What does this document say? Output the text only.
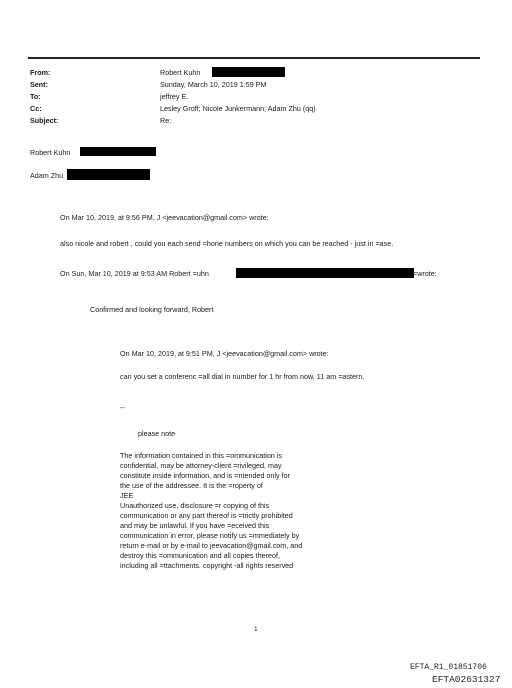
From:	Robert Kuhn
Sent:	Sunday, March 10, 2019 1:59 PM
To:	jeffrey E.
Cc:	Lesley Groff; Nicole Junkermann; Adam Zhu (qq)
Subject:	Re:
Robert Kuhn
Adam Zhu
On Mar 10, 2019, at 9:56 PM, J <jeevacation@gmail.com> wrote:
also nicole and robert , could you each send =hone numbers on which you can be reached - just in =ase.
On Sun, Mar 10, 2019 at 9:53 AM Robert =uhn	=wrote:
Confirmed and looking forward, Robert
On Mar 10, 2019, at 9:51 PM, J <jeevacation@gmail.com> wrote:
can you set a conferenc =all dial in number for 1 hr from now, 11 am =astern.
--
please note
The information contained in this =ommunication is
confidential, may be attorney-client =rivileged, may
constitute inside information, and is =ntended only for
the use of the addressee. It is the =roperty of
JEE
Unauthorized use, disclosure =r copying of this
communication or any part thereof is =trictly prohibited
and may be unlawful. If you have =eceived this
communication in error, please notify us =mmediately by
return e-mail or by e-mail to jeevacation@gmail.com, and
destroy this =ommunication and all copies thereof,
including all =ttachments. copyright -all rights reserved
1
EFTA_R1_01851706
EFTA02631327
